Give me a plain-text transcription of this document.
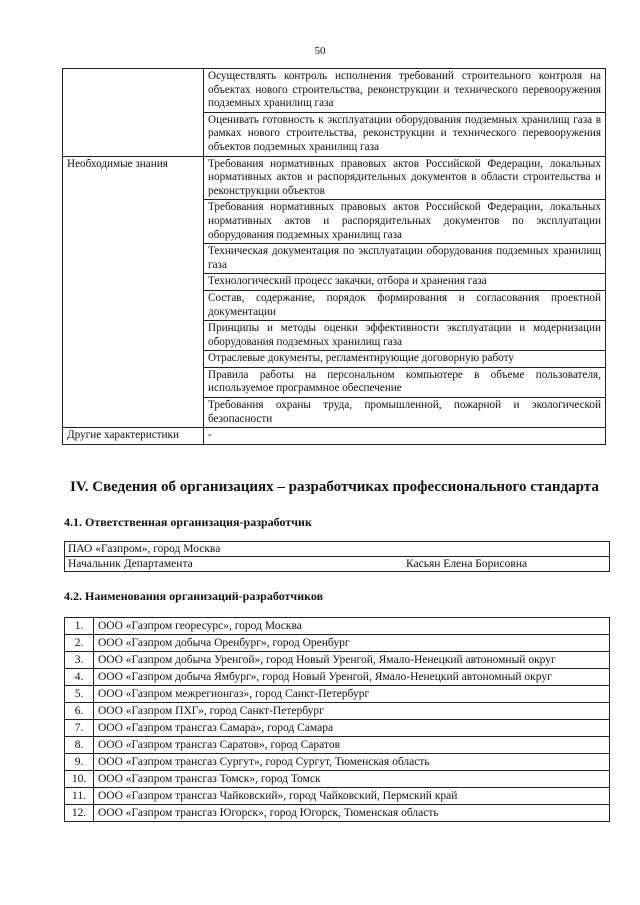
50
	Осуществлять контроль исполнения требований строительного контроля на объектах нового строительства, реконструкции и технического перевооружения подземных хранилищ газа
	Оценивать готовность к эксплуатации оборудования подземных хранилищ газа в рамках нового строительства, реконструкции и технического перевооружения объектов подземных хранилищ газа
Необходимые знания	Требования нормативных правовых актов Российской Федерации, локальных нормативных актов и распорядительных документов в области строительства и реконструкции объектов
	Требования нормативных правовых актов Российской Федерации, локальных нормативных актов и распорядительных документов по эксплуатации оборудования подземных хранилищ газа
	Техническая документация по эксплуатации оборудования подземных хранилищ газа
	Технологический процесс закачки, отбора и хранения газа
	Состав, содержание, порядок формирования и согласования проектной документации
	Принципы и методы оценки эффективности эксплуатации и модернизации оборудования подземных хранилищ газа
	Отраслевые документы, регламентирующие договорную работу
	Правила работы на персональном компьютере в объеме пользователя, используемое программное обеспечение
	Требования охраны труда, промышленной, пожарной и экологической безопасности
Другие характеристики	-
IV. Сведения об организациях – разработчиках профессионального стандарта
4.1. Ответственная организация-разработчик
ПАО «Газпром», город Москва
Начальник Департамента	Касьян Елена Борисовна
4.2. Наименования организаций-разработчиков
1.	ООО «Газпром георесурс», город Москва
2.	ООО «Газпром добыча Оренбург», город Оренбург
3.	ООО «Газпром добыча Уренгой», город Новый Уренгой, Ямало-Ненецкий автономный округ
4.	ООО «Газпром добыча Ямбург», город Новый Уренгой, Ямало-Ненецкий автономный округ
5.	ООО «Газпром межрегионгаз», город Санкт-Петербург
6.	ООО «Газпром ПХГ», город Санкт-Петербург
7.	ООО «Газпром трансгаз Самара», город Самара
8.	ООО «Газпром трансгаз Саратов», город Саратов
9.	ООО «Газпром трансгаз Сургут», город Сургут, Тюменская область
10.	ООО «Газпром трансгаз Томск», город Томск
11.	ООО «Газпром трансгаз Чайковский», город Чайковский, Пермский край
12.	ООО «Газпром трансгаз Югорск», город Югорск, Тюменская область
